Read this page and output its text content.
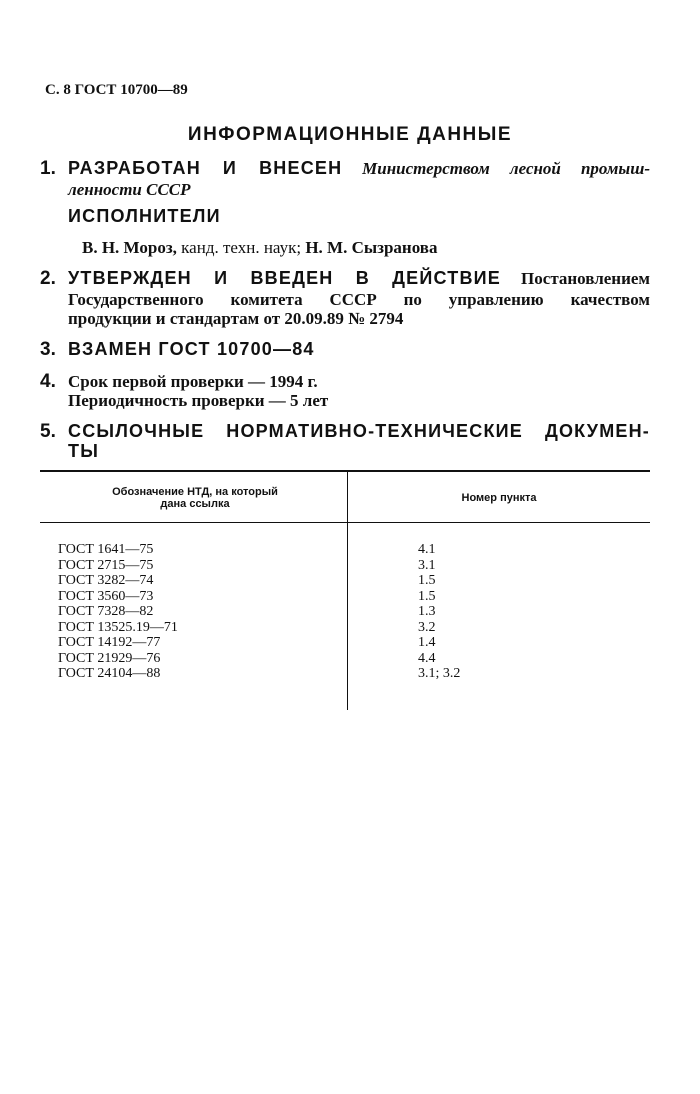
С. 8 ГОСТ 10700—89
ИНФОРМАЦИОННЫЕ ДАННЫЕ
1. РАЗРАБОТАН И ВНЕСЕН Министерством лесной промыш-
ленности СССР
ИСПОЛНИТЕЛИ
В. Н. Мороз, канд. техн. наук; Н. М. Сызранова
2. УТВЕРЖДЕН И ВВЕДЕН В ДЕЙСТВИЕ Постановлением
Государственного комитета СССР по управлению качеством
продукции и стандартам от 20.09.89 № 2794
3. ВЗАМЕН ГОСТ 10700—84
4. Срок первой проверки — 1994 г.
Периодичность проверки — 5 лет
5. ССЫЛОЧНЫЕ НОРМАТИВНО-ТЕХНИЧЕСКИЕ ДОКУМЕН-
ТЫ
Обозначение НТД, на который
дана ссылка	Номер пункта
ГОСТ 1641—75	4.1
ГОСТ 2715—75	3.1
ГОСТ 3282—74	1.5
ГОСТ 3560—73	1.5
ГОСТ 7328—82	1.3
ГОСТ 13525.19—71	3.2
ГОСТ 14192—77	1.4
ГОСТ 21929—76	4.4
ГОСТ 24104—88	3.1; 3.2
